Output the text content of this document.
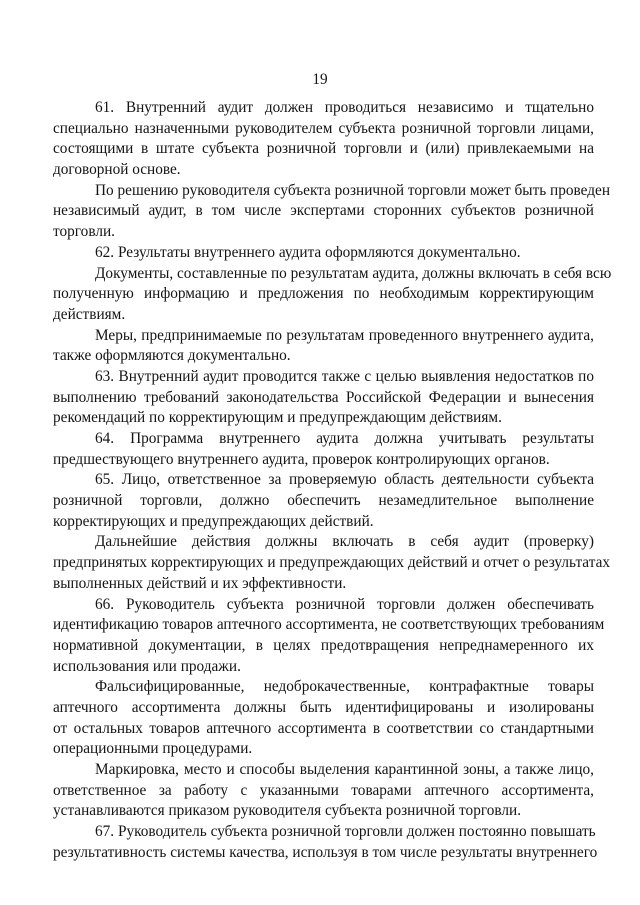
19
61. Внутренний аудит должен проводиться независимо и тщательно
специально назначенными руководителем субъекта розничной торговли лицами,
состоящими в штате субъекта розничной торговли и (или) привлекаемыми на
договорной основе.
По решению руководителя субъекта розничной торговли может быть проведен
независимый аудит, в том числе экспертами сторонних субъектов розничной
торговли.
62. Результаты внутреннего аудита оформляются документально.
Документы, составленные по результатам аудита, должны включать в себя всю
полученную информацию и предложения по необходимым корректирующим
действиям.
Меры, предпринимаемые по результатам проведенного внутреннего аудита,
также оформляются документально.
63. Внутренний аудит проводится также с целью выявления недостатков по
выполнению требований законодательства Российской Федерации и вынесения
рекомендаций по корректирующим и предупреждающим действиям.
64. Программа внутреннего аудита должна учитывать результаты
предшествующего внутреннего аудита, проверок контролирующих органов.
65. Лицо, ответственное за проверяемую область деятельности субъекта
розничной торговли, должно обеспечить незамедлительное выполнение
корректирующих и предупреждающих действий.
Дальнейшие действия должны включать в себя аудит (проверку)
предпринятых корректирующих и предупреждающих действий и отчет о результатах
выполненных действий и их эффективности.
66. Руководитель субъекта розничной торговли должен обеспечивать
идентификацию товаров аптечного ассортимента, не соответствующих требованиям
нормативной документации, в целях предотвращения непреднамеренного их
использования или продажи.
Фальсифицированные, недоброкачественные, контрафактные товары
аптечного ассортимента должны быть идентифицированы и изолированы
от остальных товаров аптечного ассортимента в соответствии со стандартными
операционными процедурами.
Маркировка, место и способы выделения карантинной зоны, а также лицо,
ответственное за работу с указанными товарами аптечного ассортимента,
устанавливаются приказом руководителя субъекта розничной торговли.
67. Руководитель субъекта розничной торговли должен постоянно повышать
результативность системы качества, используя в том числе результаты внутреннего
